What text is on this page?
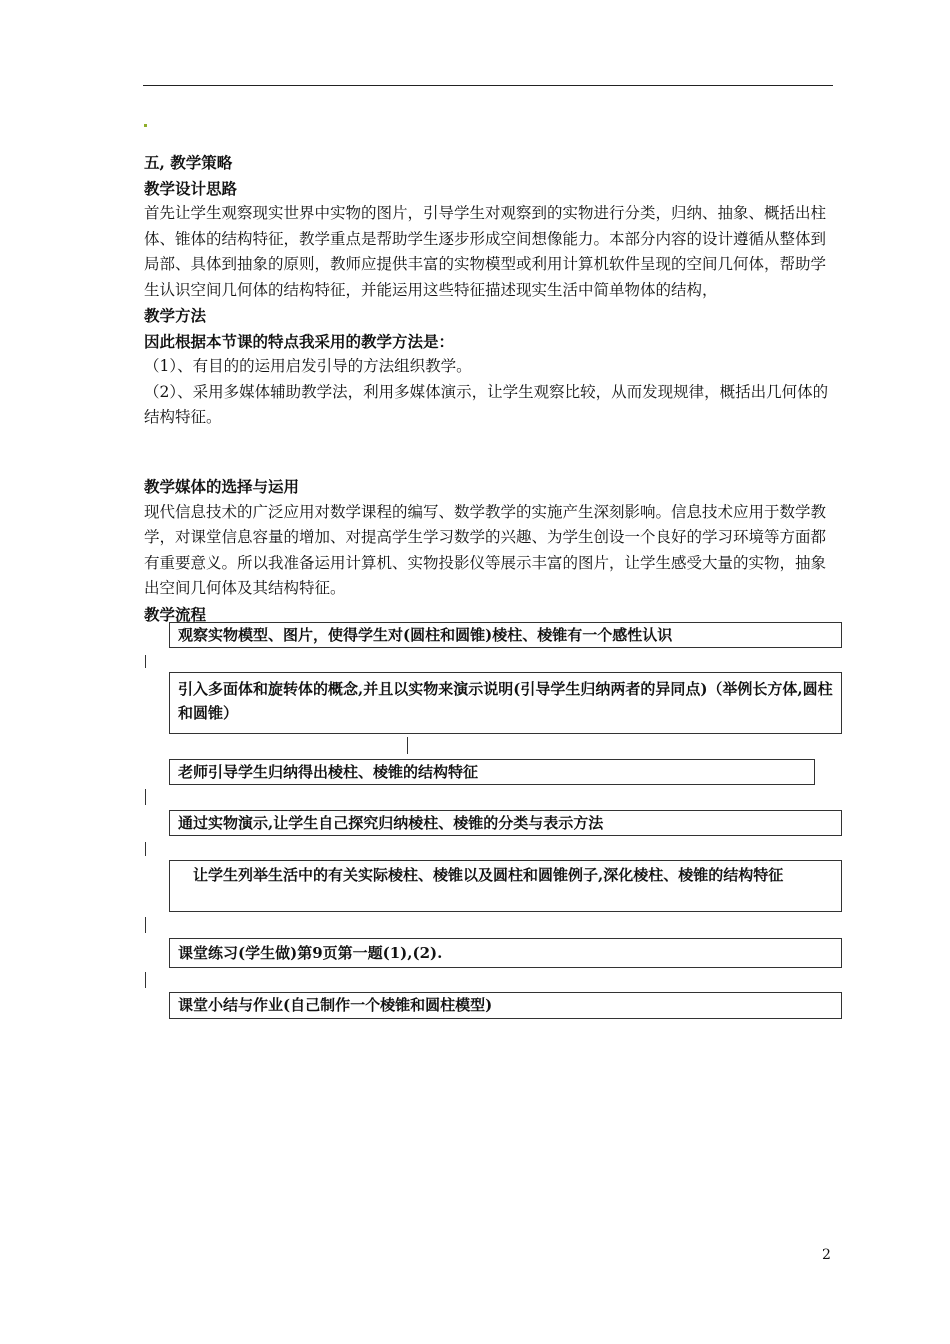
五, 教学策略

教学设计思路

首先让学生观察现实世界中实物的图片，引导学生对观察到的实物进行分类，归纳、抽象、概括出柱体、锥体的结构特征，教学重点是帮助学生逐步形成空间想像能力。本部分内容的设计遵循从整体到局部、具体到抽象的原则，教师应提供丰富的实物模型或利用计算机软件呈现的空间几何体，帮助学生认识空间几何体的结构特征，并能运用这些特征描述现实生活中简单物体的结构，

教学方法

因此根据本节课的特点我采用的教学方法是：

（1）、有目的的运用启发引导的方法组织教学。

（2）、采用多媒体辅助教学法，利用多媒体演示，让学生观察比较，从而发现规律，概括出几何体的结构特征。

教学媒体的选择与运用

现代信息技术的广泛应用对数学课程的编写、数学教学的实施产生深刻影响。信息技术应用于数学教学，对课堂信息容量的增加、对提高学生学习数学的兴趣、为学生创设一个良好的学习环境等方面都有重要意义。所以我准备运用计算机、实物投影仪等展示丰富的图片，让学生感受大量的实物，抽象出空间几何体及其结构特征。

教学流程

观察实物模型、图片，使得学生对(圆柱和圆锥)棱柱、棱锥有一个感性认识
引入多面体和旋转体的概念,并且以实物来演示说明(引导学生归纳两者的异同点)（举例长方体,圆柱和圆锥）
老师引导学生归纳得出棱柱、棱锥的结构特征
通过实物演示,让学生自己探究归纳棱柱、棱锥的分类与表示方法
　让学生列举生活中的有关实际棱柱、棱锥以及圆柱和圆锥例子,深化棱柱、棱锥的结构特征
课堂练习(学生做)第9页第一题(1),(2).
课堂小结与作业(自己制作一个棱锥和圆柱模型)
2
